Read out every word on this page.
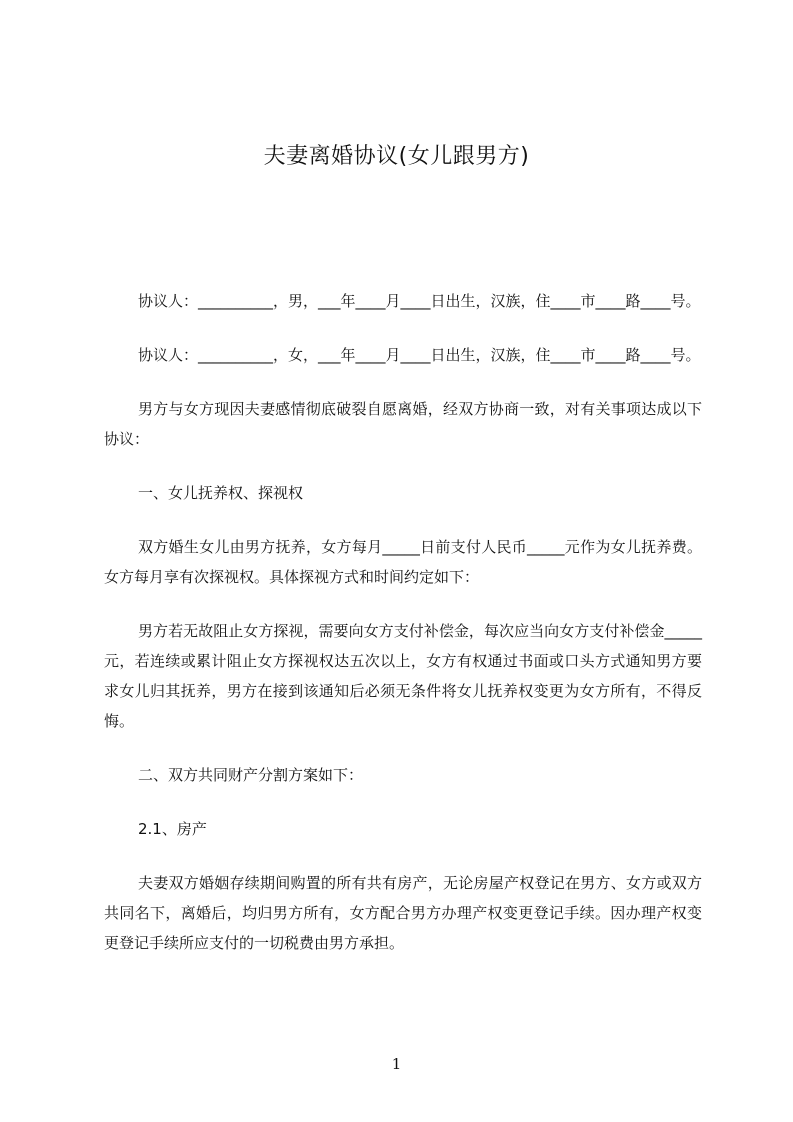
夫妻离婚协议(女儿跟男方)

协议人：__________，男，___年____月____日出生，汉族，住____市____路____号。

协议人：__________，女，___年____月____日出生，汉族，住____市____路____号。

男方与女方现因夫妻感情彻底破裂自愿离婚，经双方协商一致，对有关事项达成以下协议：

一、女儿抚养权、探视权

双方婚生女儿由男方抚养，女方每月_____日前支付人民币_____元作为女儿抚养费。女方每月享有次探视权。具体探视方式和时间约定如下：

男方若无故阻止女方探视，需要向女方支付补偿金，每次应当向女方支付补偿金_____元，若连续或累计阻止女方探视权达五次以上，女方有权通过书面或口头方式通知男方要求女儿归其抚养，男方在接到该通知后必须无条件将女儿抚养权变更为女方所有，不得反悔。

二、双方共同财产分割方案如下：

2.1、房产

夫妻双方婚姻存续期间购置的所有共有房产，无论房屋产权登记在男方、女方或双方共同名下，离婚后，均归男方所有，女方配合男方办理产权变更登记手续。因办理产权变更登记手续所应支付的一切税费由男方承担。

1
